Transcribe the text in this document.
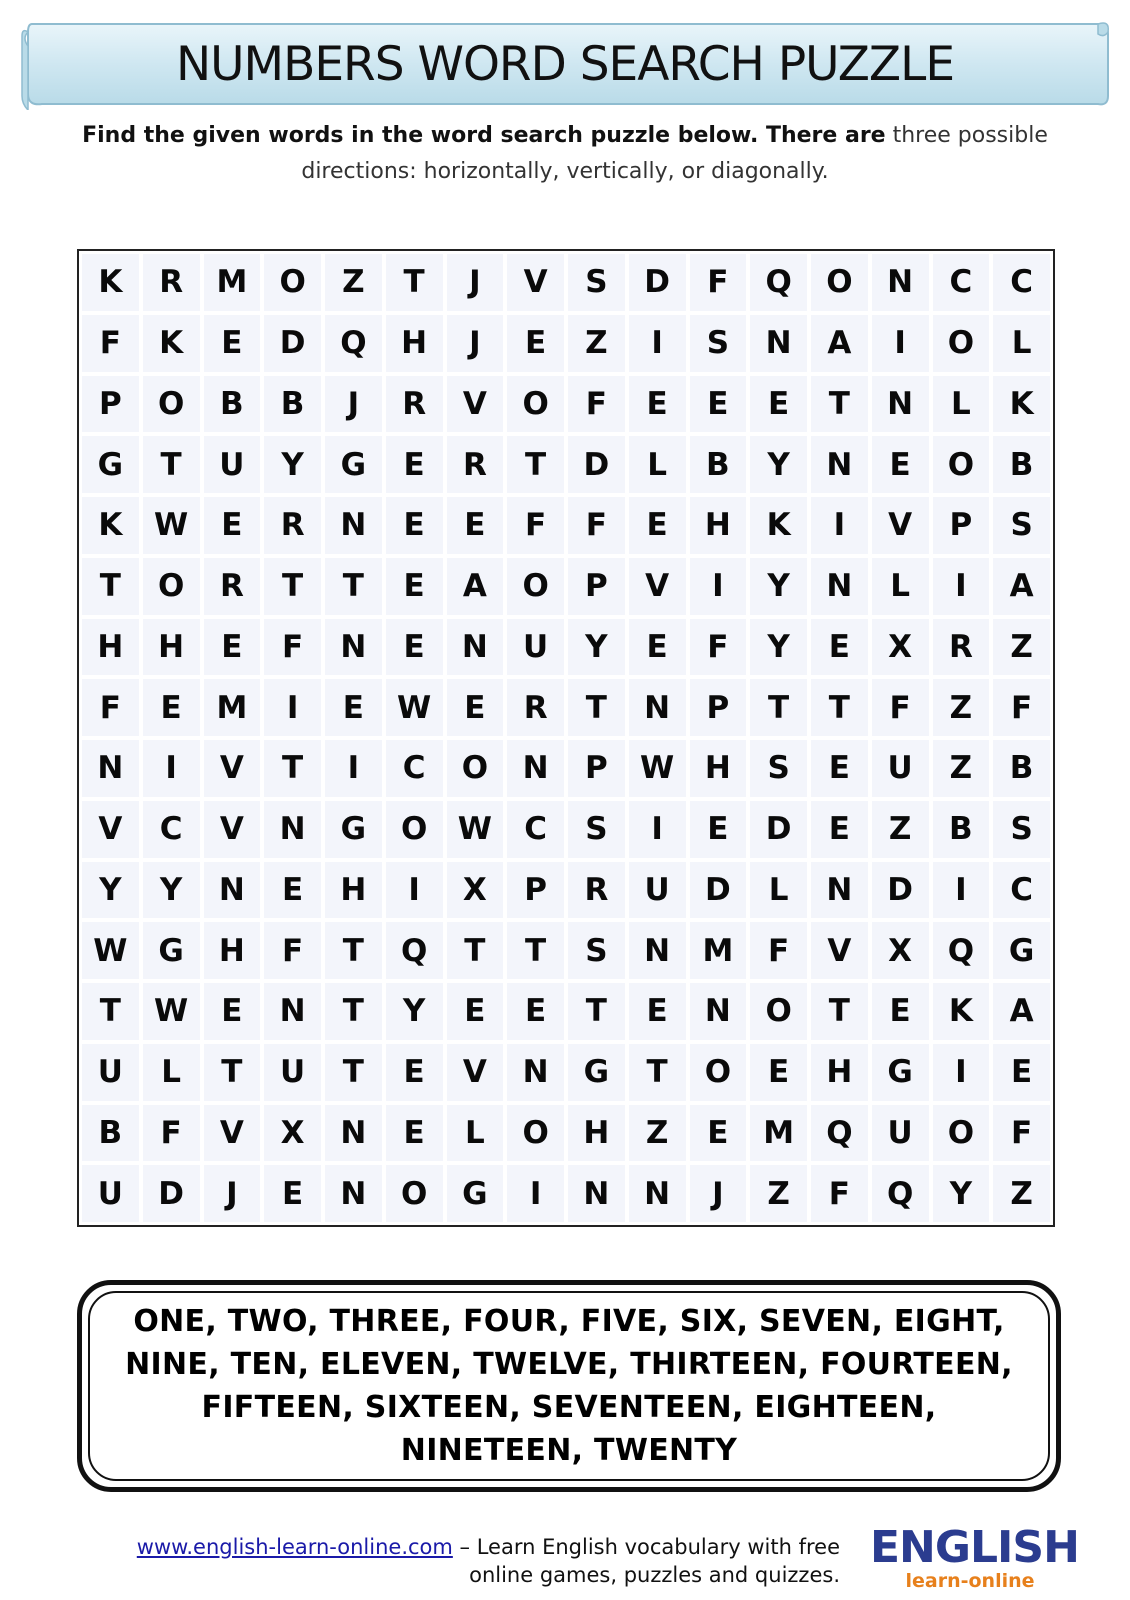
NUMBERS WORD SEARCH PUZZLE
Find the given words in the word search puzzle below. There are three possible directions: horizontally, vertically, or diagonally.
K	R	M	O	Z	T	J	V	S	D	F	Q	O	N	C	C
F	K	E	D	Q	H	J	E	Z	I	S	N	A	I	O	L
P	O	B	B	J	R	V	O	F	E	E	E	T	N	L	K
G	T	U	Y	G	E	R	T	D	L	B	Y	N	E	O	B
K	W	E	R	N	E	E	F	F	E	H	K	I	V	P	S
T	O	R	T	T	E	A	O	P	V	I	Y	N	L	I	A
H	H	E	F	N	E	N	U	Y	E	F	Y	E	X	R	Z
F	E	M	I	E	W	E	R	T	N	P	T	T	F	Z	F
N	I	V	T	I	C	O	N	P	W H	S	E	U	Z	B
V	C	V	N	G	O W	C	S	I	E	D	E	Z	B	S
Y	Y	N	E	H	I	X	P	R	U	D	L	N	D	I	C
W G	H	F	T	Q	T	T	S	N	M	F	V	X	Q	G
T	W	E	N	T	Y	E	E	T	E	N	O	T	E	K	A
U	L	T	U	T	E	V	N	G	T	O	E	H	G	I	E
B	F	V	X	N	E	L	O	H	Z	E	M	Q	U	O	F
U	D	J	E	N	O	G	I	N	N	J	Z	F	Q	Y	Z
ONE, TWO, THREE, FOUR, FIVE, SIX, SEVEN, EIGHT,
NINE, TEN, ELEVEN, TWELVE, THIRTEEN, FOURTEEN,
FIFTEEN, SIXTEEN, SEVENTEEN, EIGHTEEN,
NINETEEN, TWENTY
www.english-learn-online.com – Learn English vocabulary with free
online games, puzzles and quizzes.
ENGLISH
learn-online
